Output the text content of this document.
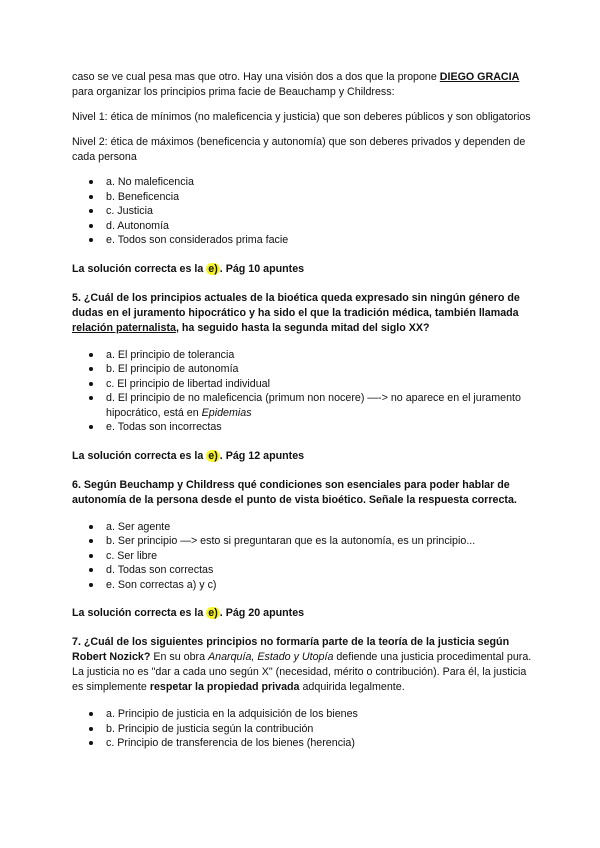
caso se ve cual pesa mas que otro. Hay una visión dos a dos que la propone DIEGO GRACIA para organizar los principios prima facie de Beauchamp y Childress:

Nivel 1: ética de mínimos (no maleficencia y justicia) que son deberes públicos y son obligatorios

Nivel 2: ética de máximos (beneficencia y autonomía) que son deberes privados y dependen de cada persona

a. No maleficencia
b. Beneficencia
c. Justicia
d. Autonomía
e. Todos son considerados prima facie

La solución correcta es la e) . Pág 10 apuntes

5. ¿Cuál de los principios actuales de la bioética queda expresado sin ningún género de dudas en el juramento hipocrático y ha sido el que la tradición médica, también llamada relación paternalista, ha seguido hasta la segunda mitad del siglo XX?

a. El principio de tolerancia
b. El principio de autonomía
c. El principio de libertad individual
d. El principio de no maleficencia (primum non nocere) —-> no aparece en el juramento hipocrático, está en Epidemias
e. Todas son incorrectas

La solución correcta es la e) . Pág 12 apuntes

6. Según Beuchamp y Childress qué condiciones son esenciales para poder hablar de autonomía de la persona desde el punto de vista bioético. Señale la respuesta correcta.

a. Ser agente
b. Ser principio —> esto si preguntaran que es la autonomía, es un principio...
c. Ser libre
d. Todas son correctas
e. Son correctas a) y c)

La solución correcta es la e) . Pág 20 apuntes

7. ¿Cuál de los siguientes principios no formaría parte de la teoría de la justicia según Robert Nozick? En su obra Anarquía, Estado y Utopía defiende una justicia procedimental pura. La justicia no es "dar a cada uno según X" (necesidad, mérito o contribución). Para él, la justicia es simplemente respetar la propiedad privada adquirida legalmente.

a. Principio de justicia en la adquisición de los bienes
b. Principio de justicia según la contribución
c. Principio de transferencia de los bienes (herencia)
